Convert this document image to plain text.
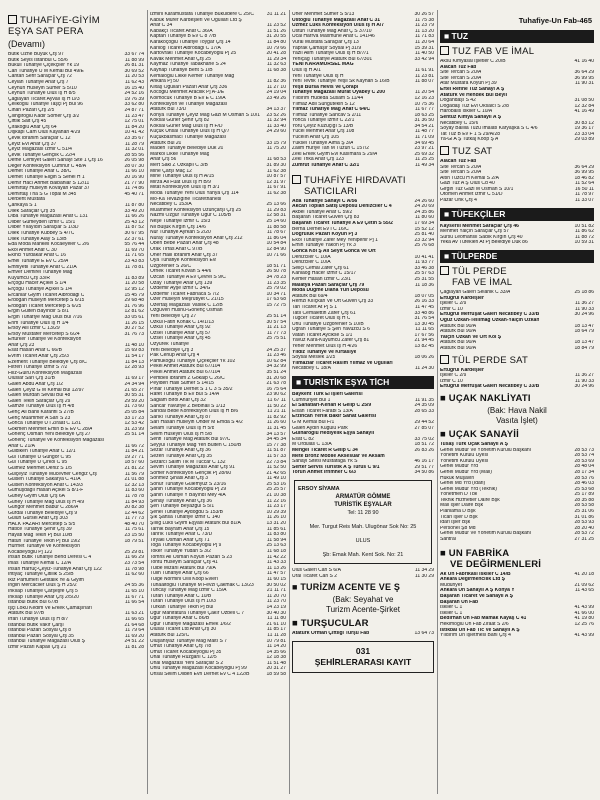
Tuhafiye-Un Fab-465
TUHAFİYE-GİYİM
EŞYA SAT PERA
(Devamı)
Butik Özne Büyük Çrş 97	33 67 74
Butik Seyis İstanbul C 55/6	11 88 99
Büküll Tuhafiye Çiçekçiler Yk 19	26 81 31
Can Tuhafiye Ü M Kemal Bul 49/E	30 69 52
Cantan Serif Saraçlar Çrş 72	11 20 53
Ceylan Tuhafiye Anaf Çrş 7	11 62 43
Ceyhun Hüseyin Sümer S 5/10	16 15 40
Ceyhun Tuhafiye Ulus İş H 8/5	24 52 16
Çağlayan Ticaret Ayvalı İş H D/3	19 76 39
Çelikoğlu Tuhafiye Taşçi Pj Bul 96	33 62 80
Cihan Pazarı Çrş 2/5	24 87 71
Çilingiroğlu Kadir Somer Çrş 3/2	11 23 47
Çiftlik Sait Çrş 45	12 75 01
Çirakoğlu Anaf Çrş 64	11 84 20
Dişkapı Cam Ulus Kayahan 4/29	10 41 42
Çevik Ibrahim Saraçlar C 12	23 35 67
Çeyiz Evi Anaf Çrş 37	11 28 79
Çeyiz Mağazası Izmir C 51/4	11 32 01
Çevik Tuhafiye Gençlik C 22/4	28 55 56
Defne Cemiyet Galeri Sanayi Site 1 Çrş 16	26 05 98
Değer Konfeksiyon Cumhur C 48/A	28 07 30
Demet Tuhafiye Anaf C 38/C	11 66 10
Demet Tuhafiye Ellgin S Senel H 1	20 16 90
Demir Hacı Ahmet Balbahlar S 12/11	21 77 90
Demirtay Hüseyin Kovayan Pazar 37	11 74 86
Demirtaş Tha S G Topal M 345	45 40 71
Derbent Mustafa
Çankaya S 1	11 87 80
Dilek Saraçlar Çrş 35	33 49 20
Diba Tuhafiye Mağazası Anaf C 131	11 66 26
Dilber Gümeyden Izmir C 15/1	25 43 12
Dilber Yılayıdın Saraçlar S 1/3D	11 87 52
Dilek Tuhafiye Kubbey S 4/7C	30 67 95
Dilek Tuhafiye Alay S 13/B	22 37 61
Eda Moda Mankeli Kocaeyeler C 2/6	55 76 44
Ekol Ahmet Anaf C 30	11 69 70
Ekinci Yurdakar Anaf C 16	11 71 65
Emel Tuhafiye E Ev C 25/A	23 43 83
Emniyetli Tuhafiye Anaf C 21/A	11 78 81
Emver Demirel Tuhafiye Mağ
Kuyumcu Çrş 33/R	11 83 89
Erçoğu Hacer Açıkel S 1/4	11 20 58
Erçoğu Tuhafiye Açıkel S 1/4	12 95 12
Ercanlar Giyim Ticaret Albrodaği C	15 45 79
Erdoğan Hüseyin Mercetep S 6/15	29 68 48
Erdoğan Ticaret Mercetep S 6/25	31 76 96
Ergin Gülten Bayındır S 8/1	12 81 62
Ergin Tuhafiye Mağ Ulus Bul 7/16	33 05 61
Erim Tuhafiye Ulus İş H 1/4	11 26 15
Ersoy Alli Izmir C 13/29	30 27 52
Ersoy Mustafer Mercetep S 6/24	31 76 73
Ertürker Tuhafiye ve Konfeksiyon
Anaf Çrş 23	11 48 10
Esat Hasan Anaf C 66/B	15 69 83
Evrim Ticaret Anaf Çrş 25/3	11 54 17
Ezemerit Tuhafiye Beledlye Çrş 8/C	11 84 13
Filtreri Tuhafiye Izmir S 7/2	12 28 93
Filiz-Gülrü Konfeksiyon Mağazası
Uluslar Sarı Çrş 31/B	11 69 17
Galeri Abdü Anaf Çrş 1/2	24 34 94
Galeri Çeyiz G M Kemal Bul 12/97	21 65 27
Galeri Murdan Sevial Bul 48	30 55 31
Galeri Tekin Saraçlar Çrş 29	29 59 20
Gamze Tuhafiye Ulus İş H 4/8	31 73 60
Genç Ali Bahli Karanfil S 27/B	25 05 84
Genç Muammer A Sarı S 23	33 17 23
Gonca Tuhafiye Ü İ Ziraat C 12/1	12 53 42
Gökmen Mehmet Emin B E Ev C 28/A	31 23 99
Gönenç Osman Yeni Belediye Çrş 27	25 51 14
Gönenç Tuhafiye ve Konfeksiyon Mağazası
Anaf C 21/A	11 66 72
Güldiken Tuhafiye Anaf C 12/1	11 84 21
Gül Tuhafiye Ü Güngör C 95	19 27 71
Gül Tuhafiye Ü Çirkol C 95	18 57 60
Gülmez Mehmet Deniz S 1/5	21 81 22
Gülçeyiz Tuhafiye Mücevher Cengiz Çrş	11 56 79
Gülsen Tuhafiye Sakarya C 41/A	21 01 88
Gülsen Konfeksiyon Anaf C 143/3	12 32 13
Gümüşdağlı Hasan Açıkel S 8/1-F	11 83 60
Güney Giyim Ulus Çrş 6A	11 78 78
Güney Tuhafiye Mağ Ulus İş H 4/9	11 84 93
Güngör Mehmet Babür C 286/A	20 82 38
Gürdal Tuhafiye Belediye Çrş 9	12 44 62
Gülün Gürsel Anaf Çrş 303	11 77 73
HALK PAZARI Mercetep S 5/5	48 40 70
Hatice Tuhafiye Şehir Çrş 39	11 75 61
Hayati Mağ Tekin Pj Bul 10/B	23 15 50
Hatun Tuhafiye Tekin Pj Bul 19/2	18 79 51
Hürmet Tuhafiye ve Konfeksiyon
Kocabeyoğlu Pj 122	25 29 81
İhsan Butik Tuhafiye Bend Deresi C 4	11 66 29
İhlas Tuhafiye Kemal C 12/A	23 73 54
İhsan Harrüç-Çeyiz-Tuhafiye Anaf Çrş 122	11 78 98
İhtiyaç Tuhafiye Çitlilik S 25/B	11 62 60
İkiz Parfümeri Gestalik Ye & Giyim
Inglin Mercaciler Ulus Ş H 25/2	24 55 36
İnkılap Tuhafiye Çarşeşfe Çrş 5	11 65 10
İnkılap Tuhafiye Anaf Çrş 2/5/20	11 67 71
İstanbul Butik Bul 67/B	11 66 54
İşçi Lökü Kedim Ve Erkek Çamaşırları
Atatürk Bul 97/B	11 63 21
Irfan Tuhafiye Ulus İş H 8/7	11 66 65
İstanbul Butik Vakıf Çarşı	21 64 68
İstanbul Pazarı Sosyal Çrş 8	11 79 64
İstanbul Pazarı Sosyal Çrş 35	11 69 20
İstanbul Tuhafiye Mağazası Ulus Ş	24 51 22
İzmir Pazarı Kapalı Çrş 21	11 81 28
İzmirli Karamustafa Tuhafiye Büküldere C 25/C	31 11 21
Kabuk Mürer Kardeşleri Ve Oğulları Ltd Ş
Anaf C 34	11 23 52
Kabakçı Ticaret Anaf C 36/A	11 51 26
Kaptan Tuhafiye B Ev C 8 7/B	31 20 55
Karakoçoğlu Tuhafiye Toygar Çrş 14	11 84 80
Karlioğ Ticaret Albrodaği C 17/A	10 79 66
Kartovrakı Tuhafiye Kocabeyoğlu Pj 25	20 41 28
Kavak Mehmet Anaf Çrş 25	11 29 34
Kaymaz Tuhafiye Tabakhane S 24	11 32 63
Kaynap Tuhafiye Bent S 1/B	11 68 38
Kemaloğlu Likke Kemer Tuhafiye Mağ
Ankara Pj 50	11 82 36
Kiltaş Oğulları Pazarı Anaf Çrş 336	11 27 10
Kocoğlu Mehmet Aracilik Pj A-1/E	24 19 04
Kolmocuk Tuhafiye B Ev E C 19/A	23 49 26
Konfeksiyon ve Tuhafiye Mağazası
Atatürk Bul 73/D	34 13 37
Konya Tuhafiye Çeyiz Mağ Gazi M Osman S 10/1	23 52 26
Köksal Gürler Şehir Çrş 82	11 32 94
Köksal Gürler Mağ Ulus İş H F/D	11 33 40
Küçük Ünsal Tuhafiye Ulus İş H Q/7	24 29 60
Küçükbasmacı Tuhafiye Mağazası
Atatürk Bul 20	33 15 79
Maden Tuhafiye Belediye Dük 20	11 75 20
Marköl Likke Tuhafiye Mağ
Anaf Çrş 56	11 68 53
Mert Saki Z Ozkaplı C 3/B	31 89 30
Mine Çarşı Maç 12	11 62 38
Mine Tuhafiye Ulus İş H A/15	10 87 57
Mirza Ali Fuat Ulus İş H B/9	12 31 97
Mitat Konfeksiyon Ulus İş H 3/1	11 67 91
Moda Tuhafiye Yeni Ulus Yahya Çrş 114	11 62 38
Mo-Ka Tevazığıne Ticarethanesi
Necatibey C 153/A	25 13 66
Muammer Konfeksiyon Uzunçarşı Çrş 25	11 29 83
Nazmi Özgür Tuhafiye Uğur C 105/B	12 58 31
Neşe Tuhafiye Izmir C 15/3	25 14 60
Nil Buljuk Kırgın Çrş 14/6	11 88 58
Nur Tuhafiye Ayrkan S 2/20	11 78 67
Nuray Tuhafiye Konfeksiyon Anaf Çrş 212	11 86 04
Oben Bebe Pazarı Anaf Çrş 48	10 54 84
Orak Tirfas Anaf C 97/B	12 84 90
Oner Halil İbrahim Anaf Çrş 37	10 71 66
Oya Tuhafiye Konfeksiyon Evi
Uzgörenler S 26/C	18 51 71
Örnek Ticaret Kovan S 44/6	26 50 78
Özcan Tuhafiye A Ev Çevrel S 9/C	34 78 23
Özay Tuhafiye Anaf Çrş 139	11 23 35
Özdemir Ayşe Izmir C 34/G	25 79 02
Özdemir Ticaret Fabriaca S 7/2	10 34 71
Özer Hüseyin Meşrutiyet C 21/15	17 63 68
Özertaş Mağazası Vasilik C 12/B	15 72 75
Özgüven Hüsnü-Gönenç Osman
Yeni Belediye Çrş 27	25 51 14
Özkul Fatih Konak C 14/1/13	30 57 54
Özkul Tuhafiye Anaf Çrş 92	11 21 13
Özsel Tuhafiye Anaf Çrş 57	11 77 73
Özsel Tuhafiye Anaf Çrş 45	25 75 51
Özyürek Tuhafiye
Yeni Belediye Çrş 3	24 25 37
Pak Cenup Anaf Çrş 4	11 23 46
Pamukoğlu Tuhafiye Çiçekçiler Yk 102	10 62 84
Pekel Ahmet Atatürk Bul 67/104	34 32 99
Pekel Ahmet Atatürk Bul 67/104	35 51 24
Pembeli İbrahim Z Gökalp C 26/C	31 20 68
Peyideri Halil Sümer S 14/15	21 63 78
Pınar Tuhafiye Dernet S 1 C 3 S 35/2	16 75 64
Rafet Tuhafiye B Ev Bul S 14/A	23 90 62
Sağlam Birol Anaf Çrş 32	11 67 11
Sancar Yavüfiye Z Bebinali S 1/13	11 50 22
Sarıdal Bebe Konfeksiyon Ulus İş H B/6	11 21 11
Sarıkı Tuhafiye Anaf Çrş 87	11 82 92
Sarı Hasan Hüseyin Onder M Emda S 4/2	11 26 60
Selam Tuhafiye Ulus İş H 5/8	11 31 45
Selim Hüseyin Ulus İş H 5/8	34 13 57
Senfi Tuhafiye Mağ Atatürk Bul 97/C	34 45 34
Seyyül Tuhafiye Mağ Yen Bülten C 150/B	15 77 38
Sezar Tuhafiye Anaf Çrş 36	11 51 87
Sezen Tuhafiye Anaf Çrş 35	11 57 33
Sezarcı Salim Tik M Tüccar C 132	22 73 84
Sevim Tuhafiye Mağazası Anaf Çrş 91	11 52 50
Sömer Konfeksiyon Gençlik Pj 28/60	21 42 65
Sönmez Şinasi Anaf Çrş 3	11 49 10
Sonur Tuhafiye Gülemyüz S 23/16	25 53 16
Şahin Tuhafiye Kocabeyoğlu Pj 29	25 25 57
Şahin Tuhafiye Y Bayındı Mey 4/A	21 10 38
Şenay Tuhafiye Anaf Çrş 36	11 22 16
Şen Tuhafiye Beyazgül S 5/1	11 23 17
Şenel Tuhafiye Aydoğdu S 153/B	10 29 39
Şık Şahsa Tuhafiye İzmir C 140	11 26 10
Şıllığ Lüks Giyim Eşyası Atatürk Bul 81/A	13 31 20
Tarnik Bayram Anaf Çrş 15	11 85 61
Tanrık Tuhafiye Anaf C 73/D	11 83 80
Tiryaki Osman Anaf Çrş 71	11 58 94
Toga Tuhafiye Kocabeyoğlu Pj 9	25 13 63
Toker Tuhafiye Yudan S 3/2	11 68 18
Tomris Ali Osman Koyun Pazarı S 23	11 42 22
Tontu Hüseyin Saraçlar Çrş 41	11 43 33
Tülbe Mizarlı Atatürk Bul 79/A	11 13 26
Tülin Tuhafiye Anaf Çrş 66	11 47 57
Tülge Normini Ollil Koop Evleri	11 60 15
Tunaaltoğlu Tuhafiye M Fevzi Çakmak C 13/23	30 50 02
Tuncay Tuhafiye Mağ Izmir C 15/A	21 11 71
Turan Tuhafiye Anaf C 10/B	11 20 70
Turan Tuhafiye Ulus İş H 10/3	11 23 70
Türkan Tuhafiye Tekin Pj Bul	14 23 19
Uğur Manifatura Tuhafiye Çakır Özbeli C 7	30 40 30
Uğur Tuhafiye Anaf C 86/B	11 11 80
Uğur Tuhafiye Mağazası Emek 1/6/2	21 61 10
Ulusal Ticaret Ltd Anaf Çrş 30	11 85 17
Atatürk Bul 125/C	11 11 28
Uluşahiyaz Tuhafiye Mağ Maltı S 7	10 79 81
Umut Tuhafiye Anaf Çrş 7/8	11 14 20
Umut Ticaret Kocabeyoğlu Pj 35	14 35 66
Ünal Tuhafiye Rüzgarlı C 12/5	12 18 38
Ünal Mağazası Yeni Saraçlar S 2	11 51 48
Ünlü Tuhafiye Mağazası Kocabeyoğlu Pj 99	20 31 27
Ünsal Selim Dilden Evrl Dernet Ev C 4 122/B	18 59 58
Üner Mehmet Sümer S 5/13	30 26 57
Üstoğlü Tuhafiye Mağazası Anaf C 31	11 75 38
Üzmez Lüks Konfeksiyon Ulus İş H A/7	11 23 79
Üstün Tuhafiye Mağ Anaf Ç S 37/10	11 13 20
Ucal Harrva Maxmüne Anaf C 141/46	11 71 83
Vural Mustafa Saraçlar Çrş 13	11 20 64
Yaprak Çamaşır Soysal Pj 31/9	15 39 31
Yazlı Alim Tuhafiye Ulus İş H B/7/1	11 40 50
Yeniçağ Tuhafiye Atatürk Bul 67/301	33 42 94
YENİ KARAMÜRSEL MAĞ
Ulus İş H A/1	11 61 91
Yeni Tuhafiye Ulus İş H	11 23 81
Yeni Tevfik Tuhafiye Yeşil Sk Kayhan S 16/B	11 88 07
Yeşil Bursa Hevis Ve Çorapl
Tuhafiye Mağazası Murat Oyabey C 200	11 20 54
Yıldırım Hüdeda Susam S 11/44	12 16 23
Yılmaz Adil Süngütekin S 12	10 75 36
Yılmaz Tuhafiye Mağ Anaf C 64/C	11 67 77
Yılmaz Tuhafiye Sancav S 2/11	18 63 25
Yonca Tuhafiye Izmir C 22/1	31 36 50
Yoru Çeyiz Kuzuçığı S 13/B	34 54 21
Yücel Mehmet Anaf Çrş 108	11 48 77
Yücelın Anaf Çrş 105	11 71 09
Yüksel Tuhafiye Alma Ş 3/A	34 69 45
Zalim Huriye Tan M Tüzün C 157/2	23 97 21
Zeki Erkek Giyim Evi Kasımara S 29/A	25 69 32
Zeki Trika Anaf Çrş 123	11 25 25
Zümrüt Tuhafiye Anaf C 32/1	11 49 34
TUHAFİYE HIRDAVATI
SATICILARI
Ada Tuhafiye Sanayi C A/56	24 26 60
Akcan Toplan Satış Deposu Denizciler C 4	24 20 69
Akbel Tuhafiye Anaf C 59/2	24 35 86
Başaran Ticaret Güven Çrş 83	11 80 60
Başaran Ticaret Tuhafiye A Ev Çetin S 55/2	17 69 34
Berna Dernet Ev I C 16/C	15 52 12
Doğruluk Pazarı Koyun Pj 3	25 81 40
Ekol Tuhafiye Zafer Mey Yenipehir Pj 1	23 32 94
Emin Tuhafiye Yakon Pj Yk 3	25 76 68
Gonca Kol Ş Ali Seyit Gonca Ve Ort
Denizciler C 10/A	10 41 41
Denizciler C 10/A	11 93 77
Seliçi Cemal Zafer Çrş 61	33 46 38
Kanlaoğ Hacer Izmir C 15/17	25 57 63
Kemer Hasan Izmir C 23/1	25 31 55
Malatya Pazarı Saraçlar Çrş 79	11 18 36
Moda Düğme Diana Yün Deposu
Atatürk Bul 69/4	18 07 05
Remzi Kılıçkan Ve Ort Güven Çrş 33	26 16 33
Tan Ticaret At Pj S 1	11 47 45
Tatlı Cemalettin Zafer Çrş 61	33 48 86
Tuğcer Ticaret Ulus İş H C	31 76 54
Ürlü Tuhafiye Uzgörenler S 10/B	13 30 45
Uğran Tuhafiye S Şen Yavuzcu S 6	11 11 65
Vatan Ticaret Aycikse S 1/1	17 67 56
Yavuz Kara-Kuyumcu Zafer Çrş 81	21 94 45
Yener Mehmet Ulus İş H 4/26	13 82 45
Yıldız Tuhafiye Ve Kırtasiye
Soysal Meslek 1/25	18 06 26
Yılmazlar Ticaret Rasim Yılmaz Ve Oğulları
Necatibey C 18/A	11 24 30
■ TURİSTİK EŞYA TİCH
Baykent Türk El İşleri Galerisi
Cumhuriyet Bul 1	11 91 35
El Sanatları-Kenan R Gelip C 25/9	24 35 09
Elsan Ticaret Farabi S 13/A	28 65 33
Erzincan Yerlik Bakır Sanat Galerisi
G M Kemal Bul F/1	29 44 52
Galeri Aydın Kuğulu Park	27 85 07
Gülnaroğlu Hediyelik Eşya Sanayii
Esat C 82	33 75 02
M Ordulas C 13/A	18 51 72
Mengel Ticaret R Gelip C 34	26 83 26
Mete Bronz Mobile Aksesuar Ve Aksam
Sanayi Sitesi Mustafağa Yk S	46 16 17
Serter Servis Turistik A Ş Turus C 9/1	29 51 77
Torun Ahmet Irnmher C 6/3	34 50 86
ERSOY SİYAMA
ARMATÜR GÖMME
TURİSTİK EŞYALAR
Tel: 11 28 90
Mer. Turgut Reis Mah. Ulugönar Sok No: 25
ULUS
Şb: Emak Mah. Kent Sok. No: 21
Ulus Galeri Can S 6/A	11 34 29
Ural Ticaret Can S 2	11 30 29
■ TURİZM ACENTE VE Ş
(Bak: Seyahat ve
Turizm Acente-Şirket
■ TURŞUCULAR
Atatürk Orman Çiftliği Turşu Fab	13 64 73
031
ŞEHİRLERARASI KAYIT
■ TUZ
TUZ FAB VE İMAL
Aksu Kimyasal İşletler C 20/B	41 16 40
Alacan Tuz Fab
Site Tercan S 20/A	36 64 29
Site Tercan S 20/A	36 99 95
Atar Mustafa Koyun Pj 39	11 90 31
Ertel Refine Tuz Sanayi A Ş
Atatürk Ve Hendek Bul Beyli
Doğandaşı S 42	31 08 50
Doğadaş Tuz Evi Oksalcı S 2/8	12 32 84
Harobalis İskiler C 10/A	41 16 49
Sentuz Kimya Sanayii A Ş
Necatibey C 15/6	30 83 12
Soyay Balilla Tuzu İmalatı Karyaşka S C 4/6	19 36 17
Tat Tuz B Ev F 1 S 29/A/28	23 33 04
Ya-Gi A Ş Tutkaj Koop Ş A	29 03 89
TUZ SAT
Alacan Tuz Fab
Site Tercan S 20/A	36 64 29
Site Tercan S 20/A	36 99 95
Altın Tuzcu H Kemal S 2/A	18 46 82
Gazi Tuz A Ş Ulus Cd 40	11 52 64
Girgin Tuz Gazi M Osman S 10/1	16 50 11
Otomen Ahmet Izmir C 51/D	11 78 97
Pazar Onk Çrş 4	11 33 07
■ TÜFEKÇİLER
Kayserili Mehmet Saraçlar Çrş 46	10 51 82
Mehmet Yalçın Saraçlar Çrş 57	11 86 62
Sürsü Leomanslı Sadık Kırgın Çrş 40	11 88 72
Yeka Av Tüfekleri At Pj Belediye Dük 86	10 59 31
■ TÜLPERDE
TÜL PERDE
FAB VE İMAL
Çağlayan Galeri Selanik C 33/A	25 18 86
Ertuğrul Kardeşler
İşkiler C 2/9	11 36 27
İzmir C 10	11 90 33
Ertuğrul Mefruşat Galeri Necatibey C 33/B	30 24 96
Oğuz Özkan-Tellimağ Özkan-Yalçın Özkan
Atatürk Bul 90/A	18 13 47
Atatürk Bul 90/A	18 64 79
Yalçın Özkan Ve Ort Kol Ş
Atatürk Bul 90/A	18 13 47
Atatürk Bul 90/A	18 84 79
TÜL PERDE SAT
Ertuğrul Kardeşler
İşkiler C 2/9	11 36 27
İzmir C 10	11 90 33
Ertuğrul Mefruşat Galeri Necatibey C 33/B	30 24 96
■ UÇAK NAKLİYATI
(Bak: Hava Nakil
Vasıta İşlet)
■ UÇAK SANAYİİ
Tusaş Türk Uçak Sanayii A Ş
Genel Müdür Ve Yönetim Kurulu Başkanı	28 53 73
Yönetim Kurulu Üyesi	28 53 74
Yönetim Kurulu Üyesi	28 53 69
Genel Müdür Yrd	28 48 04
Genel Müdür Yrd (Mali)	28 17 34
Hukuk Müşaviri	28 53 76
Genel Md Yrd (İdari)	28 46 03
Genel Müdür Yrd (Teknik)	25 53 68
Yönetmen D Tbk	25 17 89
Teknik Hizmetler Daire Bşk	28 35 88
Mali İşler Daire Bşk	28 53 58
Planlama D Bşk	25 31 06
Ticari İşler D Bşk	31 01 86
İdari İşler Bşk	28 53 93
Personel Şb Md	28 20 40
Genel Müdür Ve Yönetim Kurulu Başkanı	28 53 72
Santral	27 31 25
■ UN FABRİKA
VE DEĞİRMENLERİ
Ak Un Fabrikası İskiler C 14/B	41 20 18
Ankara Değirmencilik Ltd Ş
Müdüriyet	21 09 62
Ankara Un Sanayii A Ş Konya Y	11 43 65
Başaran Ticaret Ve Sanayii A Ş
Başaran Un Fab
İskiler C 1	41 43 99
İskiler C 1	41 66 00
Bedirhan Un Fab Mamak Kayaş C 41	41 19 80
Hekimoğlu Un Fab Ziraat S 2/6	12 25 76
İstikbal Un Fab Tic Ve Sanayii A Ş
Yıldırım Un İşletmesi Bani Çrş 4	41 43 99
